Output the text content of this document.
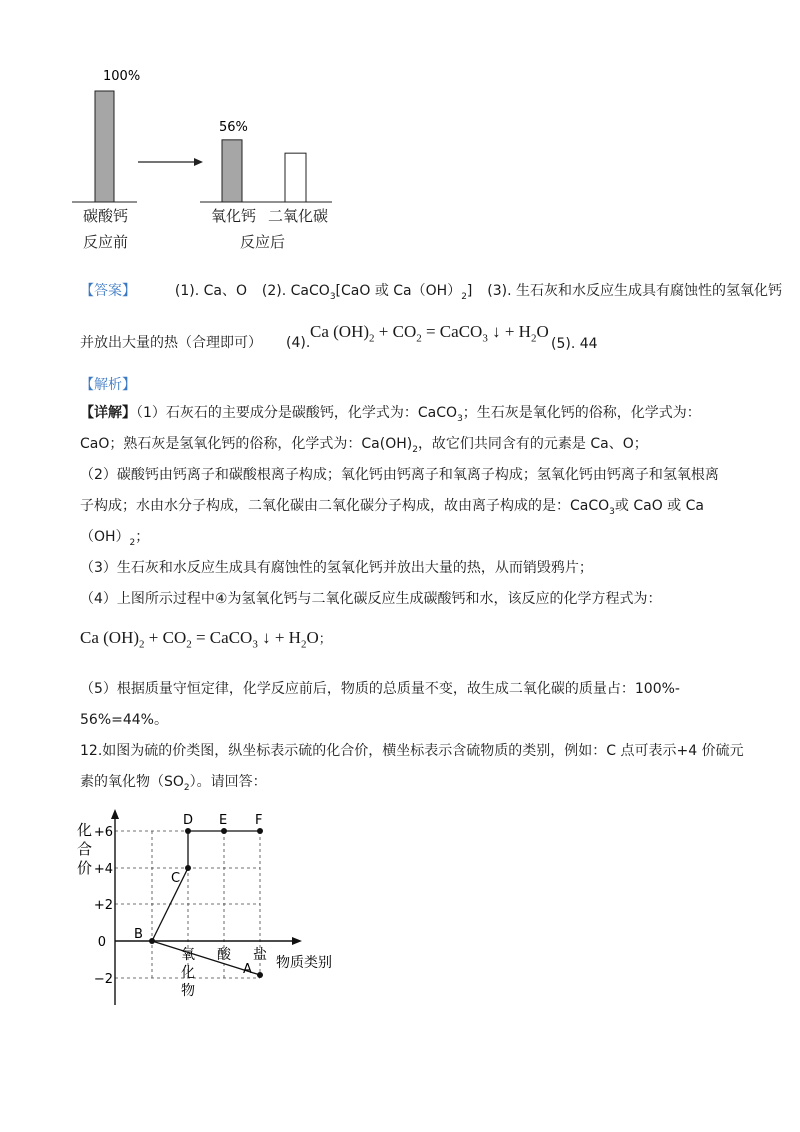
100%
56%
碳酸钙
反应前
氧化钙 二氧化碳
反应后
【答案】	(1). Ca、O (2). CaCO$_3$[CaO 或 $Ca(OH)_2$] (3). 生石灰和水反应生成具有腐蚀性的氢氧化钙
并放出大量的热（合理即可） (4).
Ca $(OH)_2 + CO_2$ = CaCO$_3$ ↓ + $H_2O$
(5). 44
【解析】
【详解】（1）石灰石的主要成分是碳酸钙，化学式为：CaCO$_3$；生石灰是氧化钙的俗称，化学式为：
CaO；熟石灰是氢氧化钙的俗称，化学式为：$Ca(OH)_2$，故它们共同含有的元素是 Ca、O；
（2）碳酸钙由钙离子和碳酸根离子构成；氧化钙由钙离子和氧离子构成；氢氧化钙由钙离子和氢氧根离
子构成；水由水分子构成，二氧化碳由二氧化碳分子构成，故由离子构成的是：CaCO$_3$或 CaO 或 Ca
$(OH)_2$；
（3）生石灰和水反应生成具有腐蚀性的氢氧化钙并放出大量的热，从而销毁鸦片；
（4）上图所示过程中④为氢氧化钙与二氧化碳反应生成碳酸钙和水，该反应的化学方程式为：
Ca $(OH)_2 + CO_2$ = CaCO$_3$ ↓ + $H_2O$；
（5）根据质量守恒定律，化学反应前后，物质的总质量不变，故生成二氧化碳的质量占：100%-
56%=44%。
12.如图为硫的价类图，纵坐标表示硫的化合价，横坐标表示含硫物质的类别，例如：C 点可表示+4 价硫元
素的氧化物$(SO_2)$。请回答：
化
合
价
+6
+4
+2
0
−2
氧
化
物
酸 盐 物质类别
D E F
C
B
A
